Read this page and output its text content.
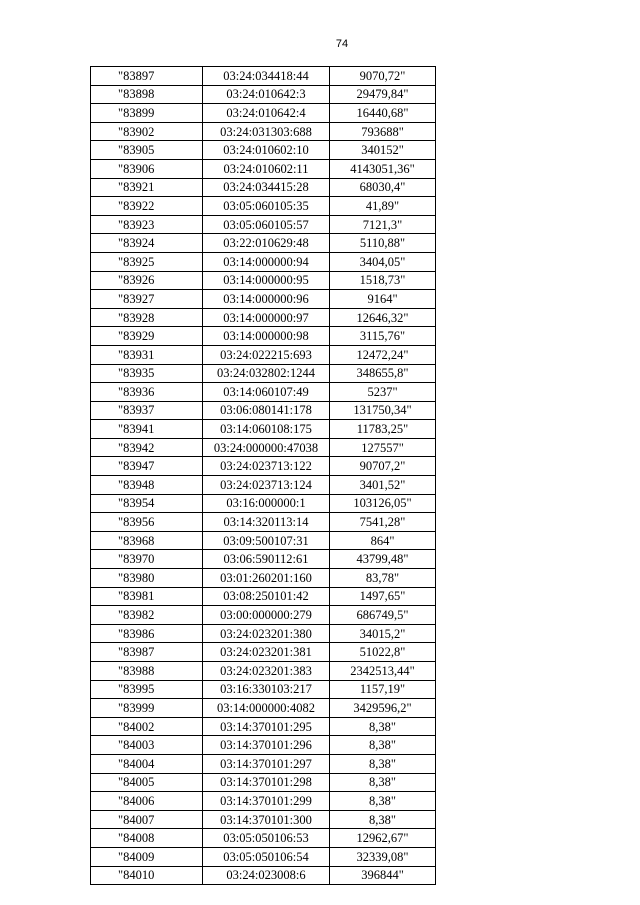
74
"83897	03:24:034418:44	9070,72"
"83898	03:24:010642:3	29479,84"
"83899	03:24:010642:4	16440,68"
"83902	03:24:031303:688	793688"
"83905	03:24:010602:10	340152"
"83906	03:24:010602:11	4143051,36"
"83921	03:24:034415:28	68030,4"
"83922	03:05:060105:35	41,89"
"83923	03:05:060105:57	7121,3"
"83924	03:22:010629:48	5110,88"
"83925	03:14:000000:94	3404,05"
"83926	03:14:000000:95	1518,73"
"83927	03:14:000000:96	9164"
"83928	03:14:000000:97	12646,32"
"83929	03:14:000000:98	3115,76"
"83931	03:24:022215:693	12472,24"
"83935	03:24:032802:1244	348655,8"
"83936	03:14:060107:49	5237"
"83937	03:06:080141:178	131750,34"
"83941	03:14:060108:175	11783,25"
"83942	03:24:000000:47038	127557"
"83947	03:24:023713:122	90707,2"
"83948	03:24:023713:124	3401,52"
"83954	03:16:000000:1	103126,05"
"83956	03:14:320113:14	7541,28"
"83968	03:09:500107:31	864"
"83970	03:06:590112:61	43799,48"
"83980	03:01:260201:160	83,78"
"83981	03:08:250101:42	1497,65"
"83982	03:00:000000:279	686749,5"
"83986	03:24:023201:380	34015,2"
"83987	03:24:023201:381	51022,8"
"83988	03:24:023201:383	2342513,44"
"83995	03:16:330103:217	1157,19"
"83999	03:14:000000:4082	3429596,2"
"84002	03:14:370101:295	8,38"
"84003	03:14:370101:296	8,38"
"84004	03:14:370101:297	8,38"
"84005	03:14:370101:298	8,38"
"84006	03:14:370101:299	8,38"
"84007	03:14:370101:300	8,38"
"84008	03:05:050106:53	12962,67"
"84009	03:05:050106:54	32339,08"
"84010	03:24:023008:6	396844"
